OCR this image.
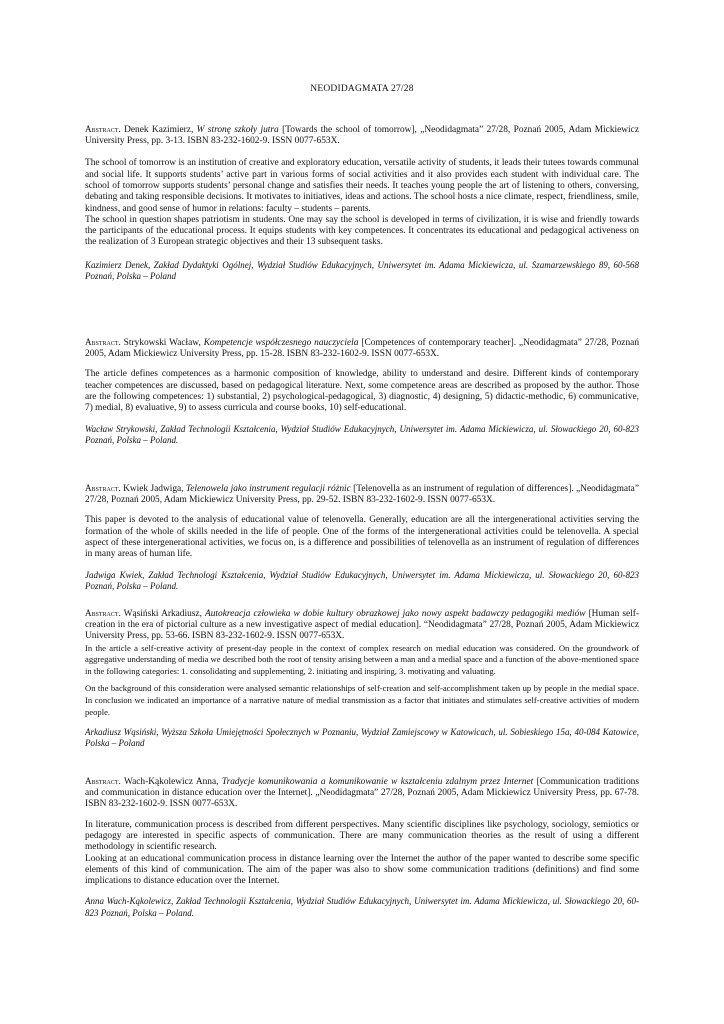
NEODIDAGMATA 27/28

Abstract. Denek Kazimierz, W stronę szkoły jutra [Towards the school of tomorrow], „Neodidagmata” 27/28, Poznań 2005, Adam Mickiewicz University Press, pp. 3-13. ISBN 83-232-1602-9. ISSN 0077-653X.

The school of tomorrow is an institution of creative and exploratory education, versatile activity of students, it leads their tutees towards communal and social life. It supports students’ active part in various forms of social activities and it also provides each student with individual care. The school of tomorrow supports students’ personal change and satisfies their needs. It teaches young people the art of listening to others, conversing, debating and taking responsible decisions. It motivates to initiatives, ideas and actions. The school hosts a nice climate, respect, friendliness, smile, kindness, and good sense of humor in relations: faculty – students – parents.

The school in question shapes patriotism in students. One may say the school is developed in terms of civilization, it is wise and friendly towards the participants of the educational process. It equips students with key competences. It concentrates its educational and pedagogical activeness on the realization of 3 European strategic objectives and their 13 subsequent tasks.

Kazimierz Denek, Zakład Dydaktyki Ogólnej, Wydział Studiów Edukacyjnych, Uniwersytet im. Adama Mickiewicza, ul. Szamarzewskiego 89, 60-568 Poznań, Polska – Poland

Abstract. Strykowski Wacław, Kompetencje współczesnego nauczyciela [Competences of contemporary teacher]. „Neodidagmata” 27/28, Poznań 2005, Adam Mickiewicz University Press, pp. 15-28. ISBN 83-232-1602-9. ISSN 0077-653X.

The article defines competences as a harmonic composition of knowledge, ability to understand and desire. Different kinds of contemporary teacher competences are discussed, based on pedagogical literature. Next, some competence areas are described as proposed by the author. Those are the following competences: 1) substantial, 2) psychological-pedagogical, 3) diagnostic, 4) designing, 5) didactic-methodic, 6) communicative, 7) medial, 8) evaluative, 9) to assess curricula and course books, 10) self-educational.

Wacław Strykowski, Zakład Technologii Kształcenia, Wydział Studiów Edukacyjnych, Uniwersytet im. Adama Mickiewicza, ul. Słowackiego 20, 60-823 Poznań, Polska – Poland.

Abstract. Kwiek Jadwiga, Telenowela jako instrument regulacji różnic [Telenovella as an instrument of regulation of differences]. „Neodidagmata” 27/28, Poznań 2005, Adam Mickiewicz University Press, pp. 29-52. ISBN 83-232-1602-9. ISSN 0077-653X.

This paper is devoted to the analysis of educational value of telenovella. Generally, education are all the intergenerational activities serving the formation of the whole of skills needed in the life of people. One of the forms of the intergenerational activities could be telenovella. A special aspect of these intergenerational activities, we focus on, is a difference and possibilities of telenovella as an instrument of regulation of differences in many areas of human life.

Jadwiga Kwiek, Zakład Technologi Kształcenia, Wydział Studiów Edukacyjnych, Uniwersytet im. Adama Mickiewicza, ul. Słowackiego 20, 60-823 Poznań, Polska – Poland.

Abstract. Wąsiński Arkadiusz, Autokreacja człowieka w dobie kultury obrazkowej jako nowy aspekt badawczy pedagogiki mediów [Human self-creation in the era of pictorial culture as a new investigative aspect of medial education]. “Neodidagmata” 27/28, Poznań 2005, Adam Mickiewicz University Press, pp. 53-66. ISBN 83-232-1602-9. ISSN 0077-653X.

In the article a self-creative activity of present-day people in the context of complex research on medial education was considered. On the groundwork of aggregative understanding of media we described both the root of tensity arising between a man and a medial space and a function of the above-mentioned space in the following categories: 1. consolidating and supplementing, 2. initiating and inspiring, 3. motivating and valuating.

On the background of this consideration were analysed semantic relationships of self-creation and self-accomplishment taken up by people in the medial space. In conclusion we indicated an importance of a narrative nature of medial transmission as a factor that initiates and stimulates self-creative activities of modern people.

Arkadiusz Wąsiński, Wyższa Szkoła Umiejętności Społecznych w Poznaniu, Wydział Zamiejscowy w Katowicach, ul. Sobieskiego 15a, 40-084 Katowice, Polska – Poland

Abstract. Wach-Kąkolewicz Anna, Tradycje komunikowania a komunikowanie w kształceniu zdalnym przez Internet [Communication traditions and communication in distance education over the Internet]. „Neodidagmata” 27/28, Poznań 2005, Adam Mickiewicz University Press, pp. 67-78. ISBN 83-232-1602-9. ISSN 0077-653X.

In literature, communication process is described from different perspectives. Many scientific disciplines like psychology, sociology, semiotics or pedagogy are interested in specific aspects of communication. There are many communication theories as the result of using a different methodology in scientific research.

Looking at an educational communication process in distance learning over the Internet the author of the paper wanted to describe some specific elements of this kind of communication. The aim of the paper was also to show some communication traditions (definitions) and find some implications to distance education over the Internet.

Anna Wach-Kąkolewicz, Zakład Technologii Kształcenia, Wydział Studiów Edukacyjnych, Uniwersytet im. Adama Mickiewicza, ul. Słowackiego 20, 60-823 Poznań, Polska – Poland.
